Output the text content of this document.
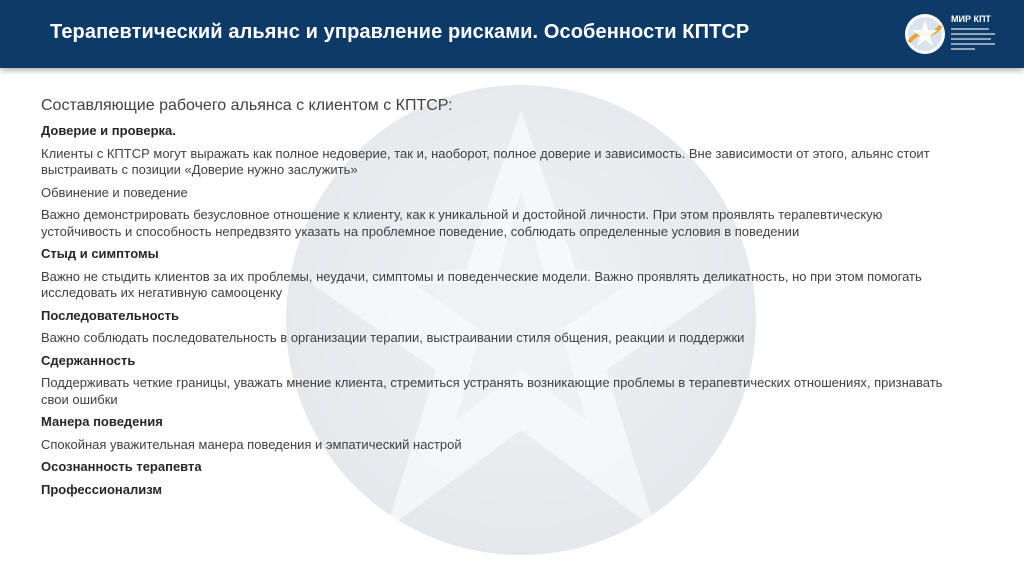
Терапевтический альянс и управление рисками. Особенности КПТСР
МИР КПТ
Составляющие рабочего альянса с клиентом с КПТСР:
Доверие и проверка.
Клиенты с КПТСР могут выражать как полное недоверие, так и, наоборот, полное доверие и зависимость. Вне зависимости от этого, альянс стоит выстраивать с позиции «Доверие нужно заслужить»
Обвинение и поведение
Важно демонстрировать безусловное отношение к клиенту, как к уникальной и достойной личности. При этом проявлять терапевтическую устойчивость и способность непредвзято указать на проблемное поведение, соблюдать определенные условия в поведении
Стыд и симптомы
Важно не стыдить клиентов за их проблемы, неудачи, симптомы и поведенческие модели. Важно проявлять деликатность, но при этом помогать исследовать их негативную самооценку
Последовательность
Важно соблюдать последовательность в организации терапии, выстраивании стиля общения, реакции и поддержки
Сдержанность
Поддерживать четкие границы, уважать мнение клиента, стремиться устранять возникающие проблемы в терапевтических отношениях, признавать свои ошибки
Манера поведения
Спокойная уважительная манера поведения и эмпатический настрой
Осознанность терапевта
Профессионализм
